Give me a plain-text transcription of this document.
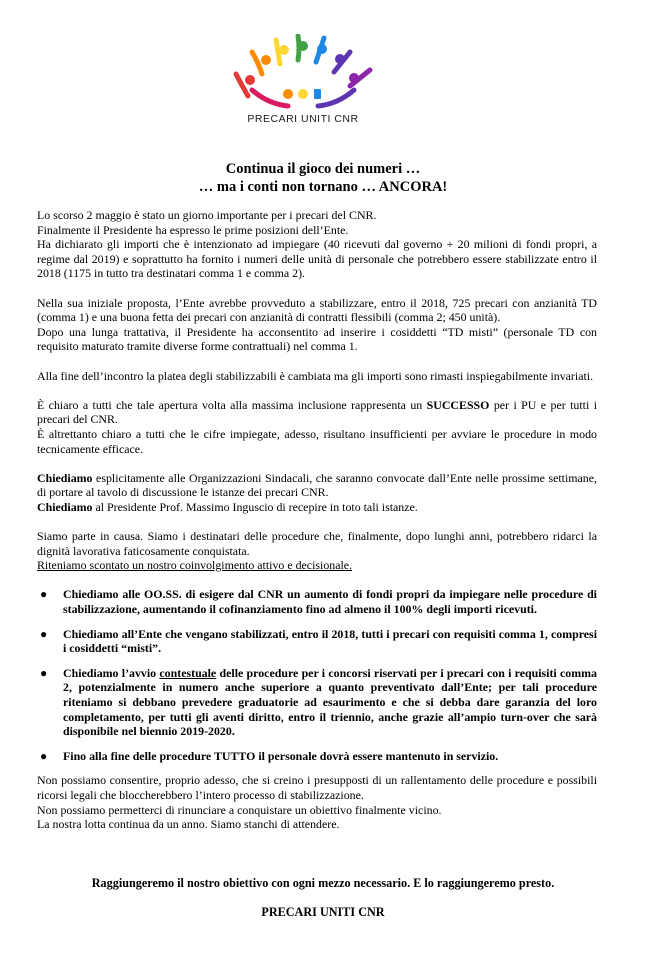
PRECARI UNITI CNR
Continua il gioco dei numeri …
… ma i conti non tornano … ANCORA!

Lo scorso 2 maggio è stato un giorno importante per i precari del CNR.
Finalmente il Presidente ha espresso le prime posizioni dell’Ente.
Ha dichiarato gli importi che è intenzionato ad impiegare (40 ricevuti dal governo + 20 milioni di fondi propri, a regime dal 2019) e soprattutto ha fornito i numeri delle unità di personale che potrebbero essere stabilizzate entro il 2018 (1175 in tutto tra destinatari comma 1 e comma 2).

Nella sua iniziale proposta, l’Ente avrebbe provveduto a stabilizzare, entro il 2018, 725 precari con anzianità TD (comma 1) e una buona fetta dei precari con anzianità di contratti flessibili (comma 2; 450 unità).
Dopo una lunga trattativa, il Presidente ha acconsentito ad inserire i cosiddetti “TD misti” (personale TD con requisito maturato tramite diverse forme contrattuali) nel comma 1.

Alla fine dell’incontro la platea degli stabilizzabili è cambiata ma gli importi sono rimasti inspiegabilmente invariati.

È chiaro a tutti che tale apertura volta alla massima inclusione rappresenta un SUCCESSO per i PU e per tutti i precari del CNR.
È altrettanto chiaro a tutti che le cifre impiegate, adesso, risultano insufficienti per avviare le procedure in modo tecnicamente efficace.

Chiediamo esplicitamente alle Organizzazioni Sindacali, che saranno convocate dall’Ente nelle prossime settimane, di portare al tavolo di discussione le istanze dei precari CNR.
Chiediamo al Presidente Prof. Massimo Inguscio di recepire in toto tali istanze.

Siamo parte in causa. Siamo i destinatari delle procedure che, finalmente, dopo lunghi anni, potrebbero ridarci la dignità lavorativa faticosamente conquistata.
Riteniamo scontato un nostro coinvolgimento attivo e decisionale.

● Chiediamo alle OO.SS. di esigere dal CNR un aumento di fondi propri da impiegare nelle procedure di stabilizzazione, aumentando il cofinanziamento fino ad almeno il 100% degli importi ricevuti.
● Chiediamo all’Ente che vengano stabilizzati, entro il 2018, tutti i precari con requisiti comma 1, compresi i cosiddetti “misti”.
● Chiediamo l’avvio contestuale delle procedure per i concorsi riservati per i precari con i requisiti comma 2, potenzialmente in numero anche superiore a quanto preventivato dall’Ente; per tali procedure riteniamo si debbano prevedere graduatorie ad esaurimento e che si debba dare garanzia del loro completamento, per tutti gli aventi diritto, entro il triennio, anche grazie all’ampio turn-over che sarà disponibile nel biennio 2019-2020.
● Fino alla fine delle procedure TUTTO il personale dovrà essere mantenuto in servizio.

Non possiamo consentire, proprio adesso, che si creino i presupposti di un rallentamento delle procedure e possibili ricorsi legali che bloccherebbero l’intero processo di stabilizzazione.
Non possiamo permetterci di rinunciare a conquistare un obiettivo finalmente vicino.
La nostra lotta continua da un anno. Siamo stanchi di attendere.

Raggiungeremo il nostro obiettivo con ogni mezzo necessario. E lo raggiungeremo presto.
PRECARI UNITI CNR
